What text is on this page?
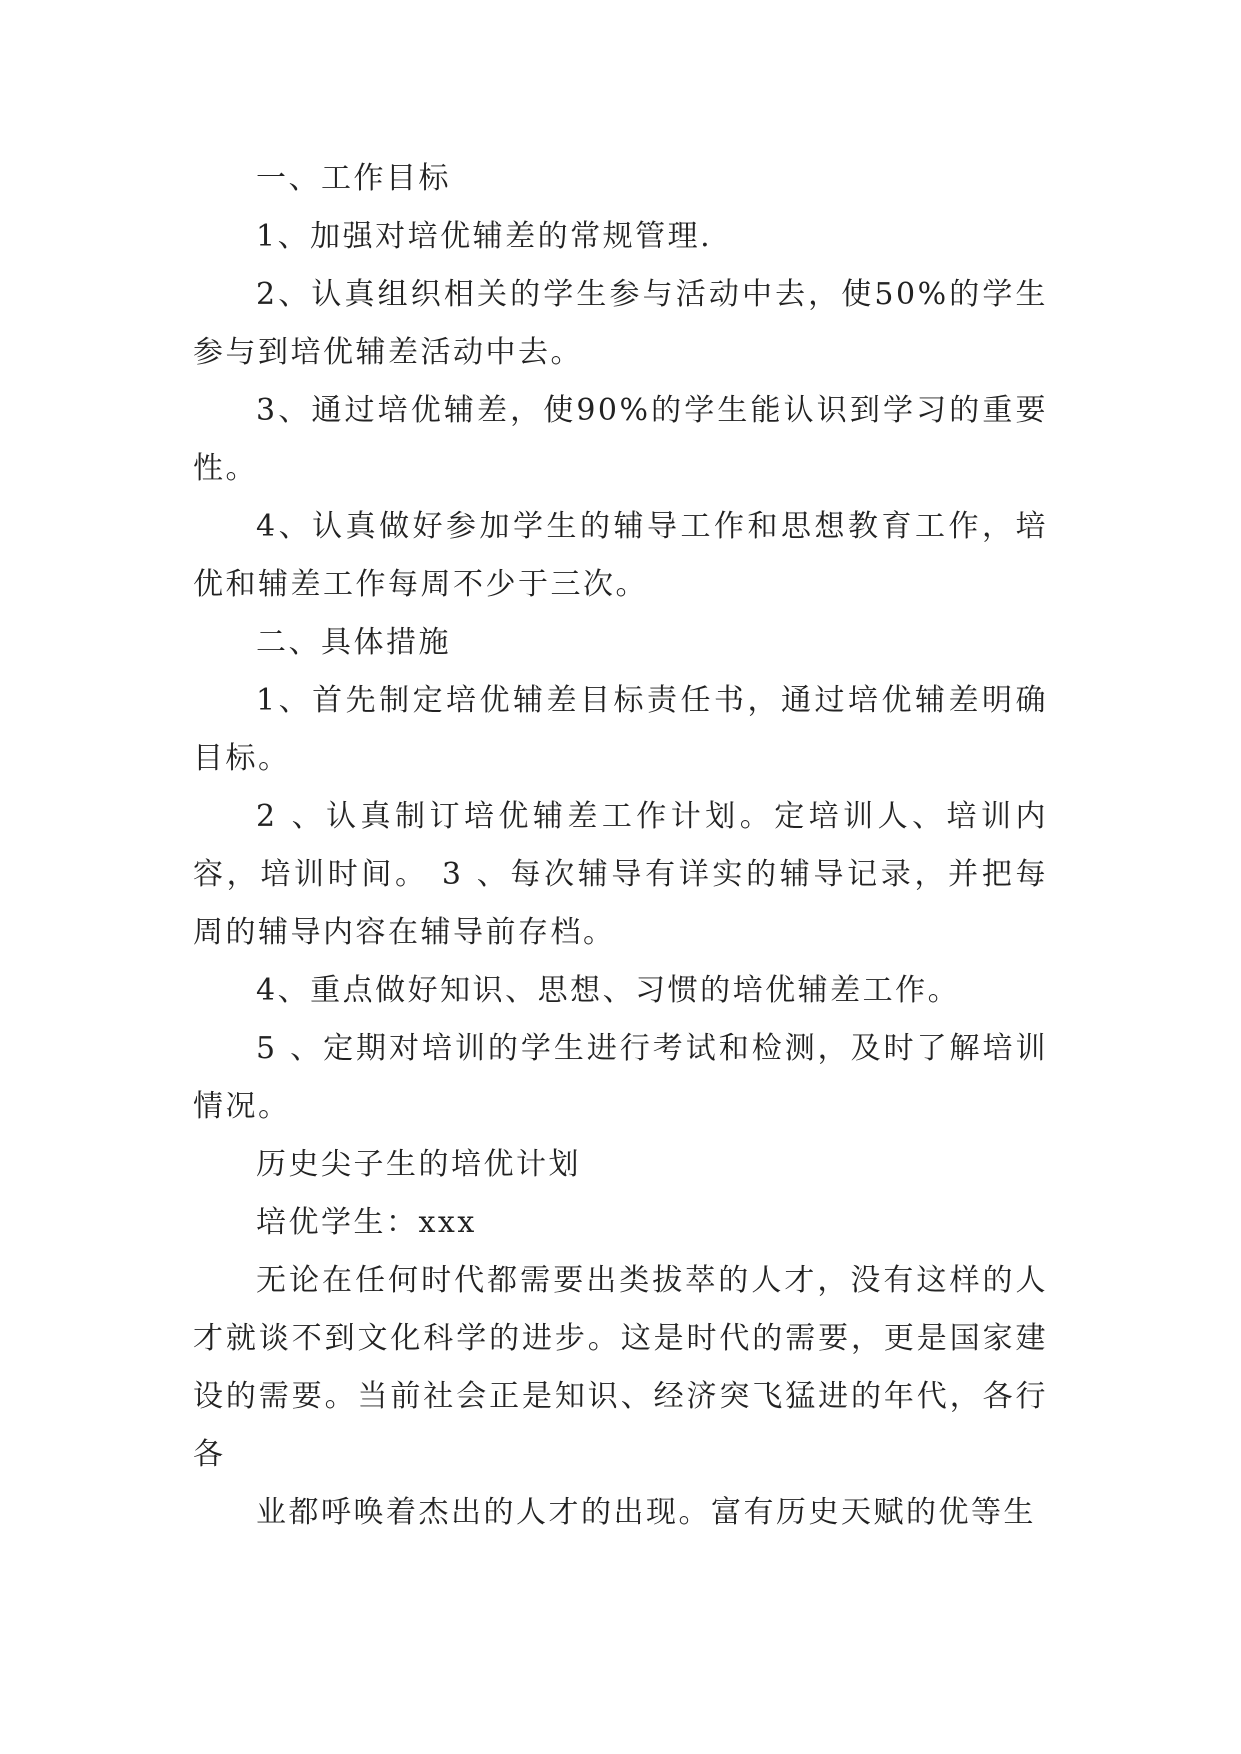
一、工作目标

1、加强对培优辅差的常规管理.

2、认真组织相关的学生参与活动中去，使50%的学生参与到培优辅差活动中去。

3、通过培优辅差，使90%的学生能认识到学习的重要性。

4、认真做好参加学生的辅导工作和思想教育工作，培优和辅差工作每周不少于三次。

二、具体措施

1、首先制定培优辅差目标责任书，通过培优辅差明确目标。

2 、认真制订培优辅差工作计划。定培训人、培训内容，培训时间。 3 、每次辅导有详实的辅导记录，并把每周的辅导内容在辅导前存档。

4、重点做好知识、思想、习惯的培优辅差工作。

5 、定期对培训的学生进行考试和检测，及时了解培训情况。

历史尖子生的培优计划

培优学生：xxx

无论在任何时代都需要出类拔萃的人才，没有这样的人才就谈不到文化科学的进步。这是时代的需要，更是国家建设的需要。当前社会正是知识、经济突飞猛进的年代，各行各

业都呼唤着杰出的人才的出现。富有历史天赋的优等生
